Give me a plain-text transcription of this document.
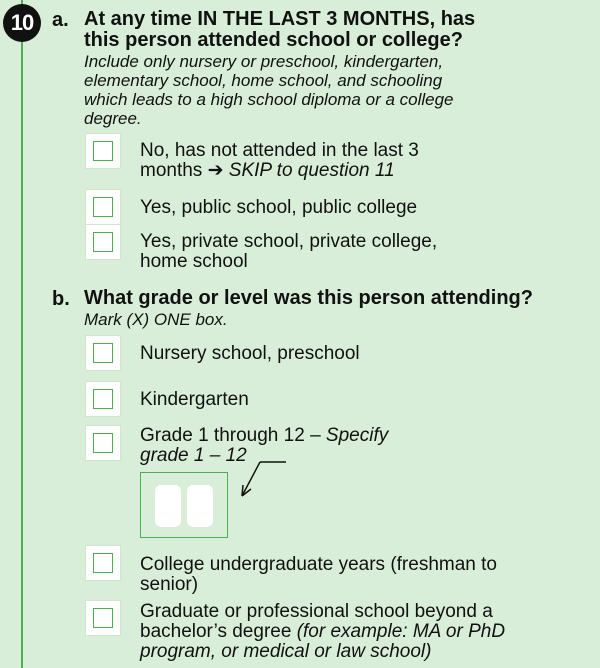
10 a. At any time IN THE LAST 3 MONTHS, has
this person attended school or college?
Include only nursery or preschool, kindergarten,
elementary school, home school, and schooling
which leads to a high school diploma or a college
degree.
No, has not attended in the last 3
months ➔ SKIP to question 11
Yes, public school, public college
Yes, private school, private college,
home school
b. What grade or level was this person attending?
Mark (X) ONE box.
Nursery school, preschool
Kindergarten
Grade 1 through 12 – Specify
grade 1 – 12
College undergraduate years (freshman to
senior)
Graduate or professional school beyond a
bachelor’s degree (for example: MA or PhD
program, or medical or law school)
